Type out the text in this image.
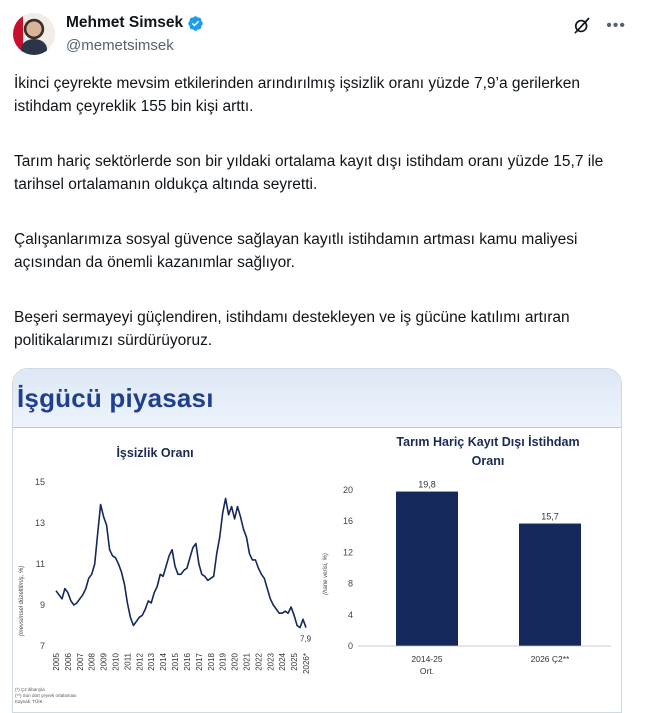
Mehmet Simsek
@memetsimsek
•••

İkinci çeyrekte mevsim etkilerinden arındırılmış işsizlik oranı yüzde 7,9’a gerilerken istihdam çeyreklik 155 bin kişi arttı.

Tarım hariç sektörlerde son bir yıldaki ortalama kayıt dışı istihdam oranı yüzde 15,7 ile tarihsel ortalamanın oldukça altında seyretti.

Çalışanlarımıza sosyal güvence sağlayan kayıtlı istihdamın artması kamu maliyesi açısından da önemli kazanımlar sağlıyor.

Beşeri sermayeyi güçlendiren, istihdamı destekleyen ve iş gücüne katılımı artıran politikalarımızı sürdürüyoruz.

İşgücü piyasası
İşsizlik Oranı
(mevsimsel düzeltilmiş, %)
7
9
11
13
15
2005 2006 2007 2008 2009 2010 2011 2012 2013 2014 2015 2016 2017 2018 2019 2020 2021 2022 2023 2024 2025 2026*
7,9
Tarım Hariç Kayıt Dışı İstihdam
Oranı
(hane verisi, %)
0
4
8
12
16
20
19,8
15,7
2014-25
Ort.
2026 Ç2**
(*) Ç2 itibarıyla
(**) Son dört çeyrek ortalaması
Kaynak: TÜİK
